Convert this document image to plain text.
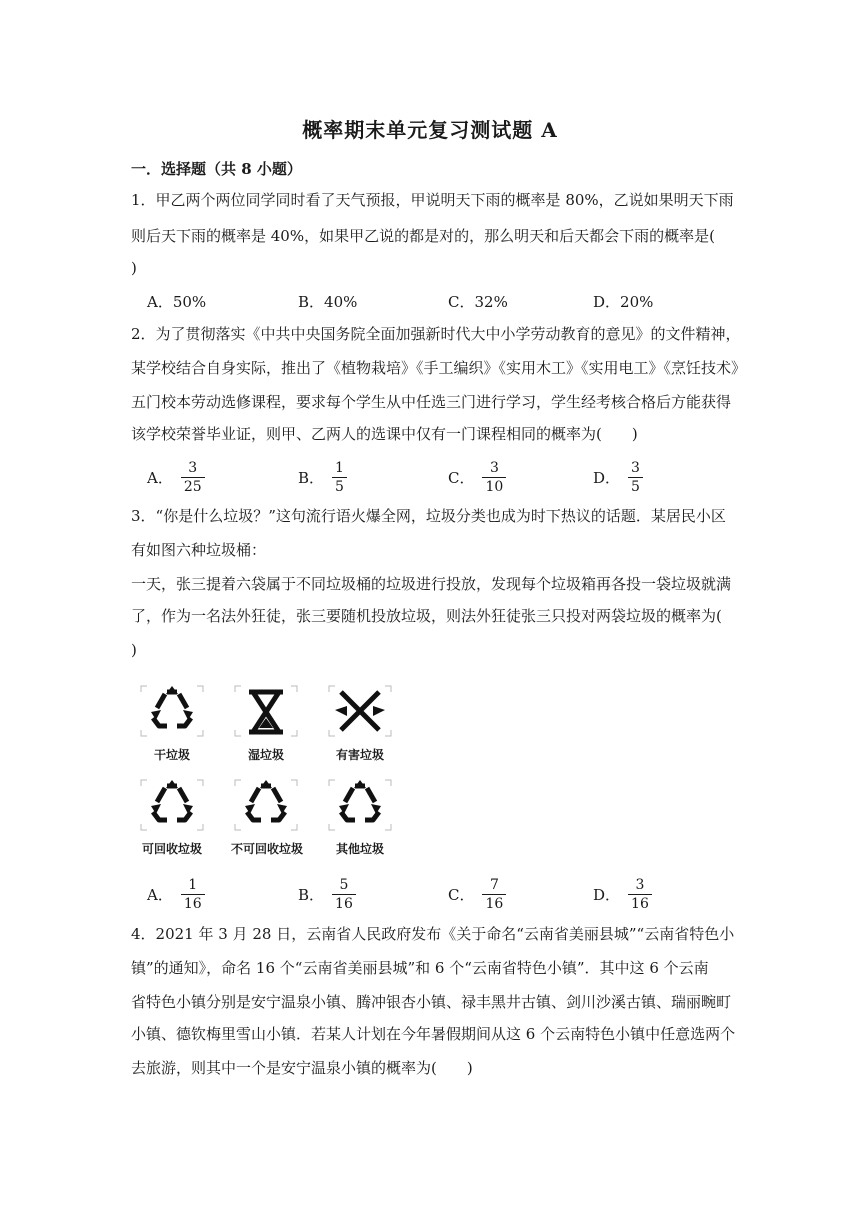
概率期末单元复习测试题 A
一．选择题（共 8 小题）
1．甲乙两个两位同学同时看了天气预报，甲说明天下雨的概率是 80%，乙说如果明天下雨
则后天下雨的概率是 40%，如果甲乙说的都是对的，那么明天和后天都会下雨的概率是(
)
A．50%	B．40%	C．32%	D．20%
2．为了贯彻落实《中共中央国务院全面加强新时代大中小学劳动教育的意见》的文件精神，
某学校结合自身实际，推出了《植物栽培》《手工编织》《实用木工》《实用电工》《烹饪技术》
五门校本劳动选修课程，要求每个学生从中任选三门进行学习，学生经考核合格后方能获得
该学校荣誉毕业证，则甲、乙两人的选课中仅有一门课程相同的概率为(　　)
A． $\frac{3}{25}$	B． $\frac{1}{5}$	C． $\frac{3}{10}$	D． $\frac{3}{5}$
3．“你是什么垃圾？”这句流行语火爆全网，垃圾分类也成为时下热议的话题．某居民小区
有如图六种垃圾桶：
一天，张三提着六袋属于不同垃圾桶的垃圾进行投放，发现每个垃圾箱再各投一袋垃圾就满
了，作为一名法外狂徒，张三要随机投放垃圾，则法外狂徒张三只投对两袋垃圾的概率为(
)
干垃圾	湿垃圾	有害垃圾
可回收垃圾	不可回收垃圾	其他垃圾
A． $\frac{1}{16}$	B． $\frac{5}{16}$	C． $\frac{7}{16}$	D． $\frac{3}{16}$
4．2021 年 3 月 28 日，云南省人民政府发布《关于命名“云南省美丽县城”“云南省特色小
镇”的通知》，命名 16 个“云南省美丽县城”和 6 个“云南省特色小镇”．其中这 6 个云南
省特色小镇分别是安宁温泉小镇、腾冲银杏小镇、禄丰黑井古镇、剑川沙溪古镇、瑞丽畹町
小镇、德钦梅里雪山小镇．若某人计划在今年暑假期间从这 6 个云南特色小镇中任意选两个
去旅游，则其中一个是安宁温泉小镇的概率为(　　)
